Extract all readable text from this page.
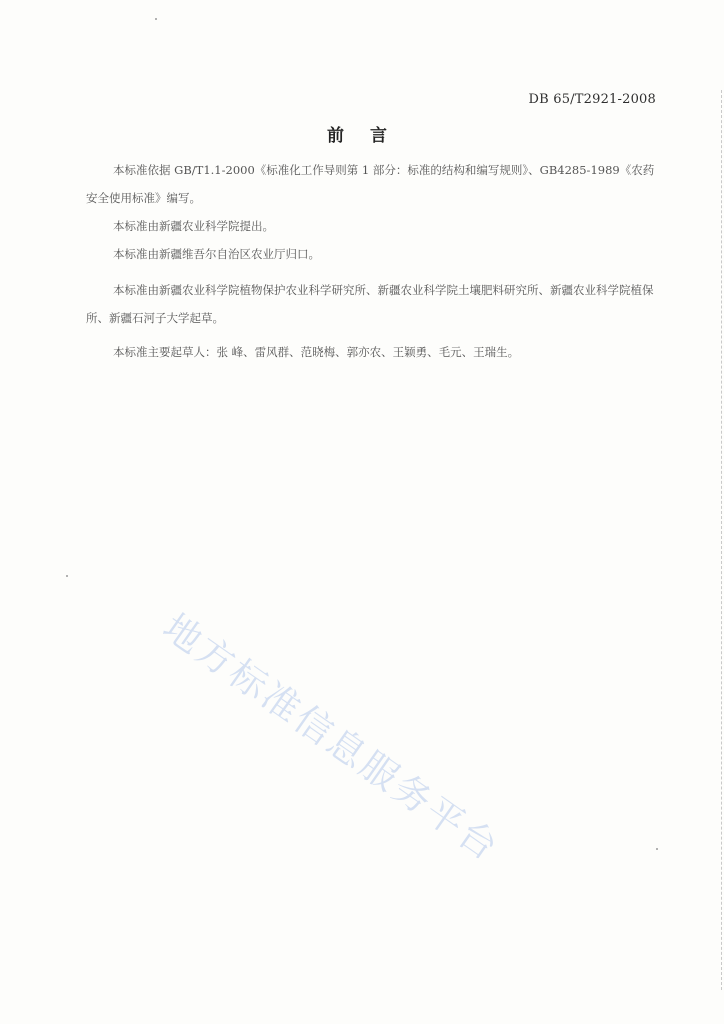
DB 65/T2921-2008
前 言
本标准依据 GB/T1.1-2000《标准化工作导则第 1 部分：标准的结构和编写规则》、GB4285-1989《农药安全使用标准》编写。
本标准由新疆农业科学院提出。
本标准由新疆维吾尔自治区农业厅归口。
本标准由新疆农业科学院植物保护农业科学研究所、新疆农业科学院土壤肥料研究所、新疆农业科学院植保所、新疆石河子大学起草。
本标准主要起草人：张 峰、雷风群、范晓梅、郭亦农、王颖勇、毛元、王瑞生。
地方标准信息服务平台
